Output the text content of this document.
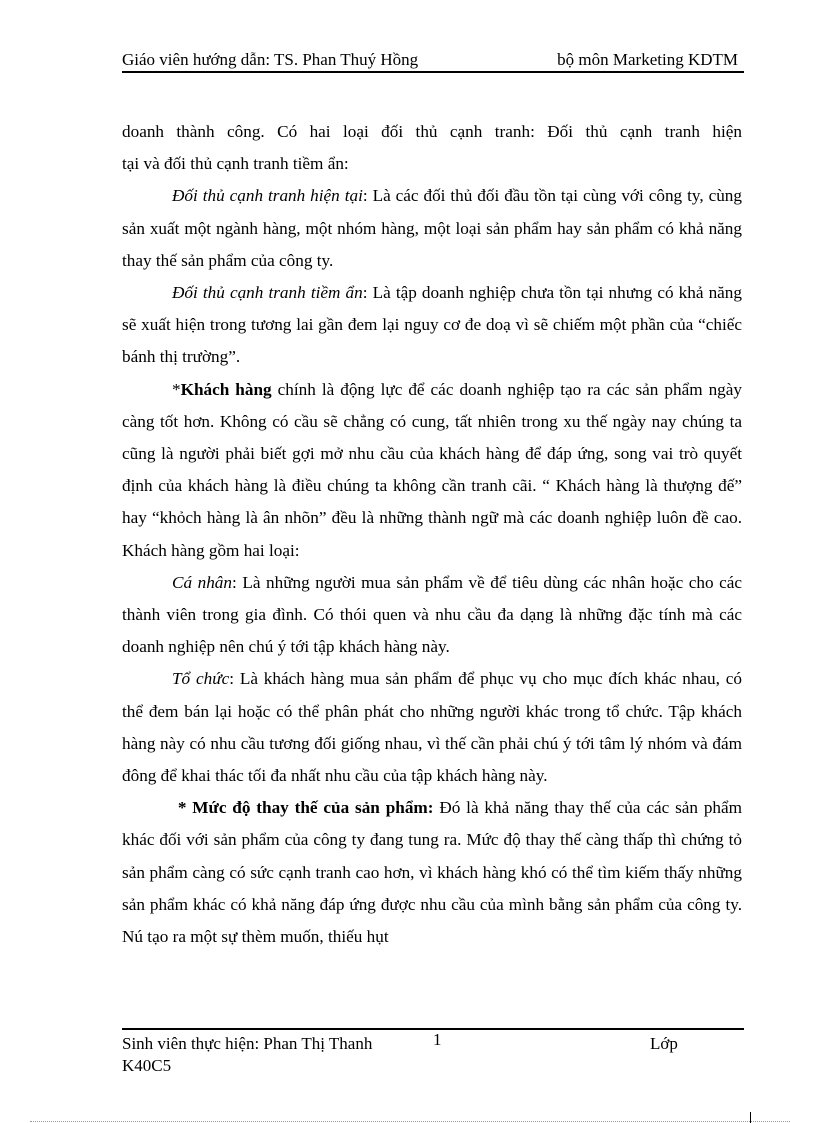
Giáo viên hướng dẫn: TS. Phan Thuý Hồng	bộ môn Marketing KDTM

doanh thành công. Có hai loại đối thủ cạnh tranh: Đối thủ cạnh tranh hiện

tại và đối thủ cạnh tranh tiềm ẩn:

Đối thủ cạnh tranh hiện tại: Là các đối thủ đối đầu tồn tại cùng với công ty, cùng sản xuất một ngành hàng, một nhóm hàng, một loại sản phẩm hay sản phẩm có khả năng thay thế sản phẩm của công ty.

Đối thủ cạnh tranh tiềm ẩn: Là tập doanh nghiệp chưa tồn tại nhưng có khả năng sẽ xuất hiện trong tương lai gần đem lại nguy cơ đe doạ vì sẽ chiếm một phần của “chiếc bánh thị trường”.

*Khách hàng chính là động lực để các doanh nghiệp tạo ra các sản phẩm ngày càng tốt hơn. Không có cầu sẽ chẳng có cung, tất nhiên trong xu thế ngày nay chúng ta cũng là người phải biết gợi mở nhu cầu của khách hàng để đáp ứng, song vai trò quyết định của khách hàng là điều chúng ta không cần tranh cãi. “ Khách hàng là thượng đế” hay “khỏch hàng là ân nhõn” đều là những thành ngữ mà các doanh nghiệp luôn đề cao. Khách hàng gồm hai loại:

Cá nhân: Là những người mua sản phẩm về để tiêu dùng các nhân hoặc cho các thành viên trong gia đình. Có thói quen và nhu cầu đa dạng là những đặc tính mà các doanh nghiệp nên chú ý tới tập khách hàng này.

Tổ chức: Là khách hàng mua sản phẩm để phục vụ cho mục đích khác nhau, có thể đem bán lại hoặc có thể phân phát cho những người khác trong tổ chức. Tập khách hàng này có nhu cầu tương đối giống nhau, vì thế cần phải chú ý tới tâm lý nhóm và đám đông để khai thác tối đa nhất nhu cầu của tập khách hàng này.

* Mức độ thay thế của sản phẩm: Đó là khả năng thay thế của các sản phẩm khác đối với sản phẩm của công ty đang tung ra. Mức độ thay thế càng thấp thì chứng tỏ sản phẩm càng có sức cạnh tranh cao hơn, vì khách hàng khó có thể tìm kiếm thấy những sản phẩm khác có khả năng đáp ứng được nhu cầu của mình bằng sản phẩm của công ty. Nú tạo ra một sự thèm muốn, thiếu hụt

Sinh viên thực hiện: Phan Thị Thanh	1	Lớp
K40C5
